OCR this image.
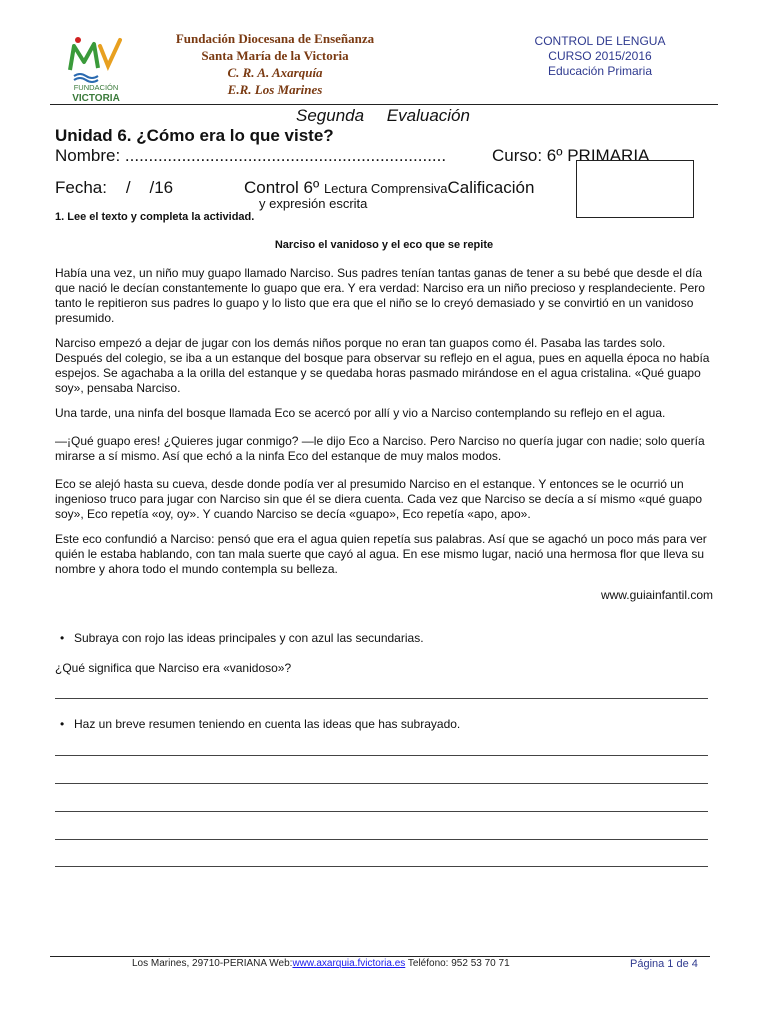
FUNDACIÓN
VICTORIA
Fundación Diocesana de Enseñanza
Santa María de la Victoria
C. R. A. Axarquía
E.R. Los Marines
CONTROL DE LENGUA
CURSO 2015/2016
Educación Primaria
Segunda Evaluación
Unidad 6. ¿Cómo era lo que viste?
Nombre: ....................................................................	Curso: 6º PRIMARIA
Fecha:    /    /16	Control 6º Lectura ComprensivaCalificación
y expresión escrita
1. Lee el texto y completa la actividad.
Narciso el vanidoso y el eco que se repite
Había una vez, un niño muy guapo llamado Narciso. Sus padres tenían tantas ganas de tener a su bebé que desde el día que nació le decían constantemente lo guapo que era. Y era verdad: Narciso era un niño precioso y resplandeciente. Pero tanto le repitieron sus padres lo guapo y lo listo que era que el niño se lo creyó demasiado y se convirtió en un vanidoso presumido.
Narciso empezó a dejar de jugar con los demás niños porque no eran tan guapos como él. Pasaba las tardes solo. Después del colegio, se iba a un estanque del bosque para observar su reflejo en el agua, pues en aquella época no había espejos. Se agachaba a la orilla del estanque y se quedaba horas pasmado mirándose en el agua cristalina. «Qué guapo soy», pensaba Narciso.
Una tarde, una ninfa del bosque llamada Eco se acercó por allí y vio a Narciso contemplando su reflejo en el agua.
—¡Qué guapo eres! ¿Quieres jugar conmigo? —le dijo Eco a Narciso. Pero Narciso no quería jugar con nadie; solo quería mirarse a sí mismo. Así que echó a la ninfa Eco del estanque de muy malos modos.
Eco se alejó hasta su cueva, desde donde podía ver al presumido Narciso en el estanque. Y entonces se le ocurrió un ingenioso truco para jugar con Narciso sin que él se diera cuenta. Cada vez que Narciso se decía a sí mismo «qué guapo soy», Eco repetía «oy, oy». Y cuando Narciso se decía «guapo», Eco repetía «apo, apo».
Este eco confundió a Narciso: pensó que era el agua quien repetía sus palabras. Así que se agachó un poco más para ver quién le estaba hablando, con tan mala suerte que cayó al agua. En ese mismo lugar, nació una hermosa flor que lleva su nombre y ahora todo el mundo contempla su belleza.
www.guiainfantil.com
• Subraya con rojo las ideas principales y con azul las secundarias.
¿Qué significa que Narciso era «vanidoso»?
• Haz un breve resumen teniendo en cuenta las ideas que has subrayado.
Los Marines, 29710-PERIANA Web:www.axarquia.fvictoria.es Teléfono: 952 53 70 71	Página 1 de 4
